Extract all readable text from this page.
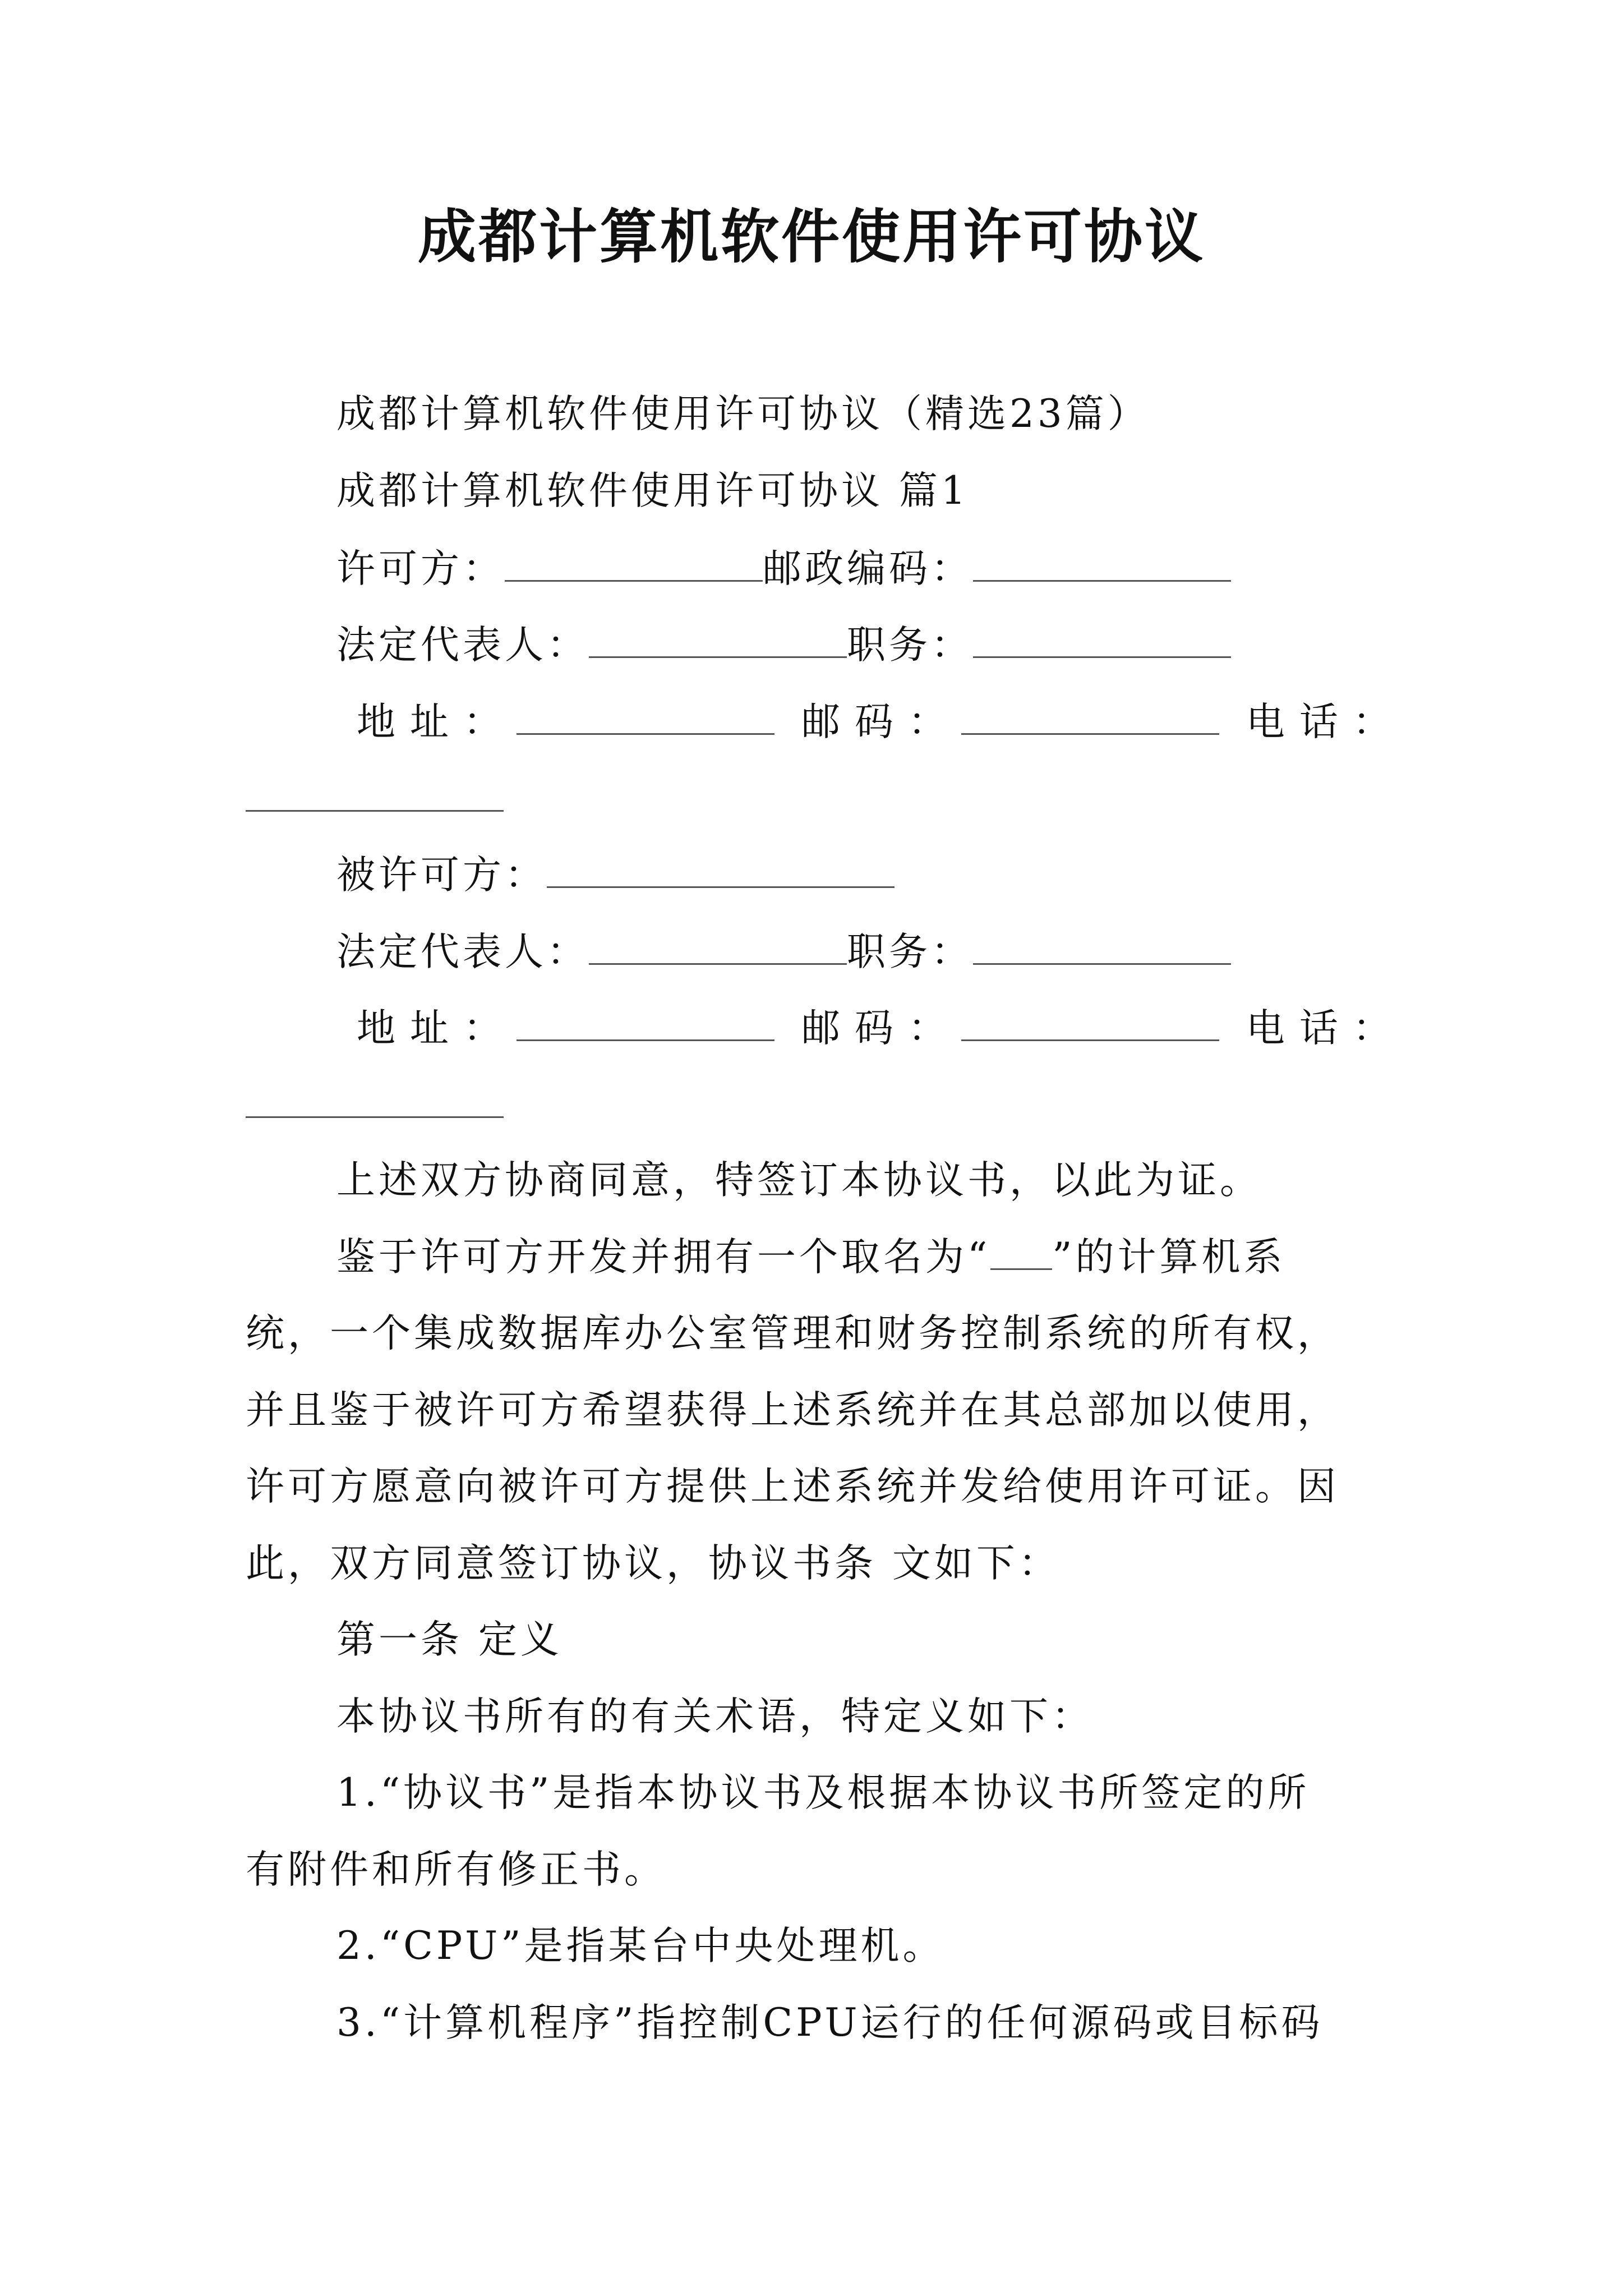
成都计算机软件使用许可协议
成都计算机软件使用许可协议（精选23篇）
成都计算机软件使用许可协议 篇1
许可方：	邮政编码：
法定代表人：	职务：
地址：	邮码：	电话：
被许可方：
法定代表人：	职务：
地址：	邮码：	电话：
上述双方协商同意，特签订本协议书，以此为证。
鉴于许可方开发并拥有一个取名为“ ”的计算机系
统，一个集成数据库办公室管理和财务控制系统的所有权，
并且鉴于被许可方希望获得上述系统并在其总部加以使用，
许可方愿意向被许可方提供上述系统并发给使用许可证。因
此，双方同意签订协议，协议书条 文如下：
第一条 定义
本协议书所有的有关术语，特定义如下：
1.“协议书”是指本协议书及根据本协议书所签定的所
有附件和所有修正书。
2.“CPU”是指某台中央处理机。
3.“计算机程序”指控制CPU运行的任何源码或目标码
